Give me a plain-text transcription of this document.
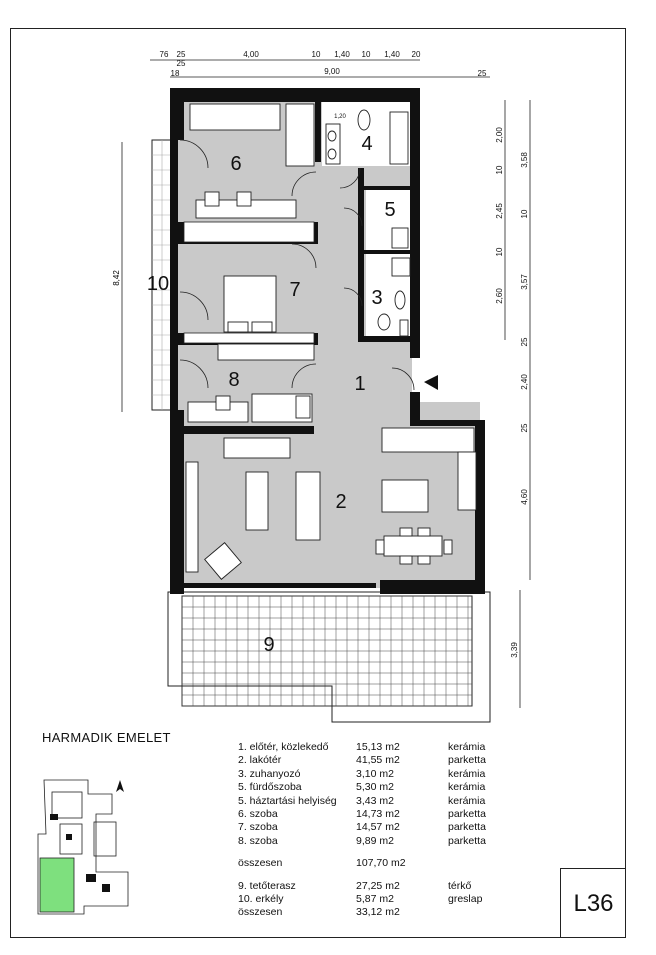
76 25
25
4,00	10 1,40 10 1,40 20
18	9,00	25
8,42
2,00
10
2,45
10
2,60
3,58
10
3,57
25
2,40
25
4,60
3,39
1,20
1
2
3
4
5
6
7
8
9
10
HARMADIK EMELET
1. előtér, közlekedő	15,13 m2	kerámia
2. lakótér	41,55 m2	parketta
3. zuhanyozó	3,10 m2	kerámia
5. fürdőszoba	5,30 m2	kerámia
5. háztartási helyiség	3,43 m2	kerámia
6. szoba	14,73 m2	parketta
7. szoba	14,57 m2	parketta
8. szoba	9,89 m2	parketta

összesen	107,70 m2	

9. tetőterasz	27,25 m2	térkő
10. erkély	5,87 m2	greslap
összesen	33,12 m2		L36
